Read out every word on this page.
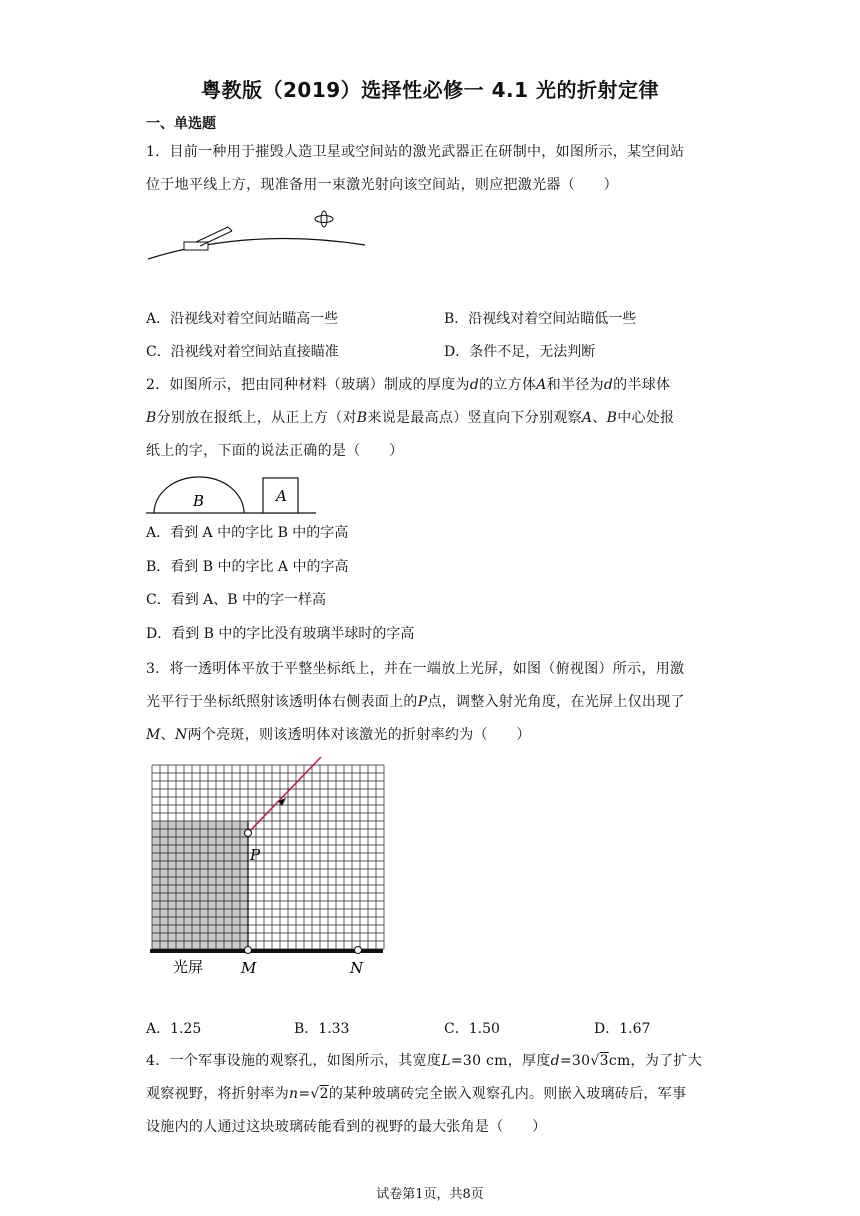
粤教版（2019）选择性必修一 4.1 光的折射定律
一、单选题
1．目前一种用于摧毁人造卫星或空间站的激光武器正在研制中，如图所示，某空间站
位于地平线上方，现准备用一束激光射向该空间站，则应把激光器（　　）
A．沿视线对着空间站瞄高一些	B．沿视线对着空间站瞄低一些
C．沿视线对着空间站直接瞄准	D．条件不足，无法判断
2．如图所示，把由同种材料（玻璃）制成的厚度为d的立方体A和半径为d的半球体
B分别放在报纸上，从正上方（对B来说是最高点）竖直向下分别观察A、B中心处报
纸上的字，下面的说法正确的是（　　）
B	A
A．看到 A 中的字比 B 中的字高
B．看到 B 中的字比 A 中的字高
C．看到 A、B 中的字一样高
D．看到 B 中的字比没有玻璃半球时的字高
3．将一透明体平放于平整坐标纸上，并在一端放上光屏，如图（俯视图）所示，用激
光平行于坐标纸照射该透明体右侧表面上的P点，调整入射光角度，在光屏上仅出现了
M、N两个亮斑，则该透明体对该激光的折射率约为（　　）
P
光屏	M	N
A．1.25	B．1.33	C．1.50	D．1.67
4．一个军事设施的观察孔，如图所示，其宽度L=30 cm，厚度d=30√3cm，为了扩大
观察视野，将折射率为n=√2的某种玻璃砖完全嵌入观察孔内。则嵌入玻璃砖后，军事
设施内的人通过这块玻璃砖能看到的视野的最大张角是（　　）
试卷第1页，共8页
